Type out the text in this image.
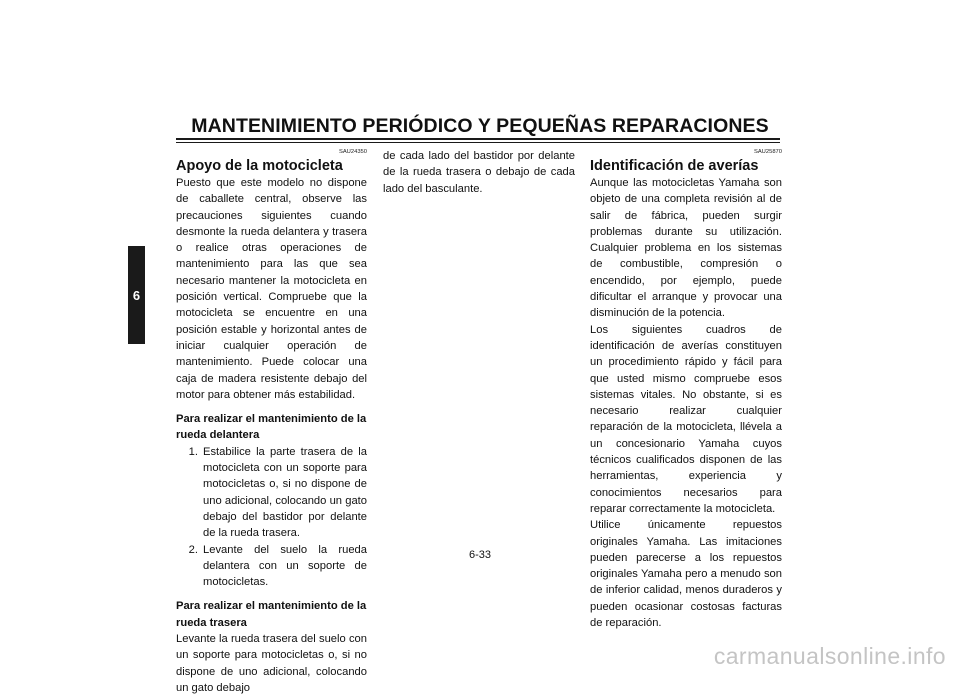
MANTENIMIENTO PERIÓDICO Y PEQUEÑAS REPARACIONES
6
SAU24350
Apoyo de la motocicleta

Puesto que este modelo no dispone de caballete central, observe las precauciones siguientes cuando desmonte la rueda delantera y trasera o realice otras operaciones de mantenimiento para las que sea necesario mantener la motocicleta en posición vertical. Compruebe que la motocicleta se encuentre en una posición estable y horizontal antes de iniciar cualquier operación de mantenimiento. Puede colocar una caja de madera resistente debajo del motor para obtener más estabilidad.

Para realizar el mantenimiento de la rueda delantera
1. Estabilice la parte trasera de la motocicleta con un soporte para motocicletas o, si no dispone de uno adicional, colocando un gato debajo del bastidor por delante de la rueda trasera.
2. Levante del suelo la rueda delantera con un soporte de motocicletas.
Para realizar el mantenimiento de la rueda trasera

Levante la rueda trasera del suelo con un soporte para motocicletas o, si no dispone de uno adicional, colocando un gato debajo

de cada lado del bastidor por delante de la rueda trasera o debajo de cada lado del basculante.

SAU25870
Identificación de averías

Aunque las motocicletas Yamaha son objeto de una completa revisión al de salir de fábrica, pueden surgir problemas durante su utilización. Cualquier problema en los sistemas de combustible, compresión o encendido, por ejemplo, puede dificultar el arranque y provocar una disminución de la potencia.

Los siguientes cuadros de identificación de averías constituyen un procedimiento rápido y fácil para que usted mismo compruebe esos sistemas vitales. No obstante, si es necesario realizar cualquier reparación de la motocicleta, llévela a un concesionario Yamaha cuyos técnicos cualificados disponen de las herramientas, experiencia y conocimientos necesarios para reparar correctamente la motocicleta.

Utilice únicamente repuestos originales Yamaha. Las imitaciones pueden parecerse a los repuestos originales Yamaha pero a menudo son de inferior calidad, menos duraderos y pueden ocasionar costosas facturas de reparación.

6-33
carmanualsonline.info
